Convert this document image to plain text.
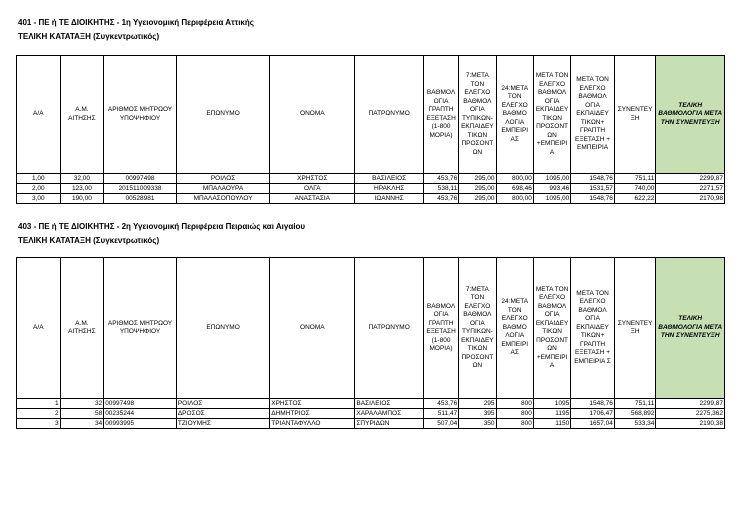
401 - ΠΕ ή ΤΕ ΔΙΟΙΚΗΤΗΣ - 1η Υγειονομική Περιφέρεια Αττικής
ΤΕΛΙΚΗ ΚΑΤΑΤΑΞΗ (Συγκεντρωτικός)
Α/Α	Α.Μ. ΑΙΤΗΣΗΣ	ΑΡΙΘΜΟΣ ΜΗΤΡΩΟΥ ΥΠΟΨΗΦΙΟΥ	ΕΠΩΝΥΜΟ	ΟΝΟΜΑ	ΠΑΤΡΩΝΥΜΟ	ΒΑΘΜΟΛ ΟΓΙΑ ΓΡΑΠΤΗ ΕΞΕΤΑΣΗ (1-800 ΜΟΡΙΑ)	7:ΜΕΤΑ ΤΟΝ ΕΛΕΓΧΟ ΒΑΘΜΟΛ ΟΓΙΑ ΤΥΠΙΚΩΝ- ΕΚΠΑΙΔΕΥ ΤΙΚΩΝ ΠΡΟΣΟΝΤ ΩΝ	24:ΜΕΤΑ ΤΟΝ ΕΛΕΓΧΟ ΒΑΘΜΟ ΛΟΓΙΑ ΕΜΠΕΙΡΙ ΑΣ	ΜΕΤΑ ΤΟΝ ΕΛΕΓΧΟ ΒΑΘΜΟΛ ΟΓΙΑ ΕΚΠΑΙΔΕΥ ΤΙΚΩΝ ΠΡΟΣΟΝΤ ΩΝ +ΕΜΠΕΙΡΙ Α	ΜΕΤΑ ΤΟΝ ΕΛΕΓΧΟ ΒΑΘΜΟΛ ΟΓΙΑ ΕΚΠΑΙΔΕΥ ΤΙΚΩΝ+ ΓΡΑΠΤΗ ΕΞΕΤΑΣΗ + ΕΜΠΕΙΡΙΑ	ΣΥΝΕΝΤΕΥ ΞΗ	ΤΕΛΙΚΗ ΒΑΘΜΟΛΟΓΙΑ ΜΕΤΑ ΤΗΝ ΣΥΝΕΝΤΕΥΞΗ
1,00	32,00	00997498	ΡΟΙΛΟΣ	ΧΡΗΣΤΟΣ	ΒΑΣΙΛΕΙΟΣ	453,76	295,00	800,00	1095,00	1548,76	751,11	2299,87
2,00	123,00	201511009338	ΜΠΑΛΑΟΥΡΑ	ΟΛΓΑ	ΗΡΑΚΛΗΣ	538,11	295,00	698,46	993,46	1531,57	740,00	2271,57
3,00	190,00	00528981	ΜΠΑΛΑΣΟΠΟΥΛΟΥ	ΑΝΑΣΤΑΣΙΑ	ΙΩΑΝΝΗΣ	453,76	295,00	800,00	1095,00	1548,76	622,22	2170,98
403 - ΠΕ ή ΤΕ ΔΙΟΙΚΗΤΗΣ - 2η Υγειονομική Περιφέρεια Πειραιώς και Αιγαίου
ΤΕΛΙΚΗ ΚΑΤΑΤΑΞΗ (Συγκεντρωτικός)
Α/Α	Α.Μ. ΑΙΤΗΣΗΣ	ΑΡΙΘΜΟΣ ΜΗΤΡΩΟΥ ΥΠΟΨΗΦΙΟΥ	ΕΠΩΝΥΜΟ	ΟΝΟΜΑ	ΠΑΤΡΩΝΥΜΟ	ΒΑΘΜΟΛ ΟΓΙΑ ΓΡΑΠΤΗ ΕΞΕΤΑΣΗ (1-800 ΜΟΡΙΑ)	7:ΜΕΤΑ ΤΟΝ ΕΛΕΓΧΟ ΒΑΘΜΟΛ ΟΓΙΑ ΤΥΠΙΚΩΝ- ΕΚΠΑΙΔΕΥ ΤΙΚΩΝ ΠΡΟΣΟΝΤ ΩΝ	24:ΜΕΤΑ ΤΟΝ ΕΛΕΓΧΟ ΒΑΘΜΟ ΛΟΓΙΑ ΕΜΠΕΙΡΙ ΑΣ	ΜΕΤΑ ΤΟΝ ΕΛΕΓΧΟ ΒΑΘΜΟΛ ΟΓΙΑ ΕΚΠΑΙΔΕΥ ΤΙΚΩΝ ΠΡΟΣΟΝΤ ΩΝ +ΕΜΠΕΙΡΙ Α	ΜΕΤΑ ΤΟΝ ΕΛΕΓΧΟ ΒΑΘΜΟΛ ΟΓΙΑ ΕΚΠΑΙΔΕΥ ΤΙΚΩΝ+ ΓΡΑΠΤΗ ΕΞΕΤΑΣΗ + ΕΜΠΕΙΡΙΑ Σ	ΣΥΝΕΝΤΕΥ ΞΗ	ΤΕΛΙΚΗ ΒΑΘΜΟΛΟΓΙΑ ΜΕΤΑ ΤΗΝ ΣΥΝΕΝΤΕΥΞΗ
1	32	00997498	ΡΟΙΛΟΣ	ΧΡΗΣΤΟΣ	ΒΑΣΙΛΕΙΟΣ	453,76	295	800	1095	1548,76	751,11	2299,87
2	58	00235244	ΔΡΟΣΟΣ	ΔΗΜΗΤΡΙΟΣ	ΧΑΡΑΛΑΜΠΟΣ	511,47	395	800	1195	1706,47	568,892	2275,362
3	34	00993995	ΤΖΙΟΥΜΗΣ	ΤΡΙΑΝΤΑΦΥΛΛΟ	ΣΠΥΡΙΔΩΝ	507,04	350	800	1150	1657,04	533,34	2190,38
